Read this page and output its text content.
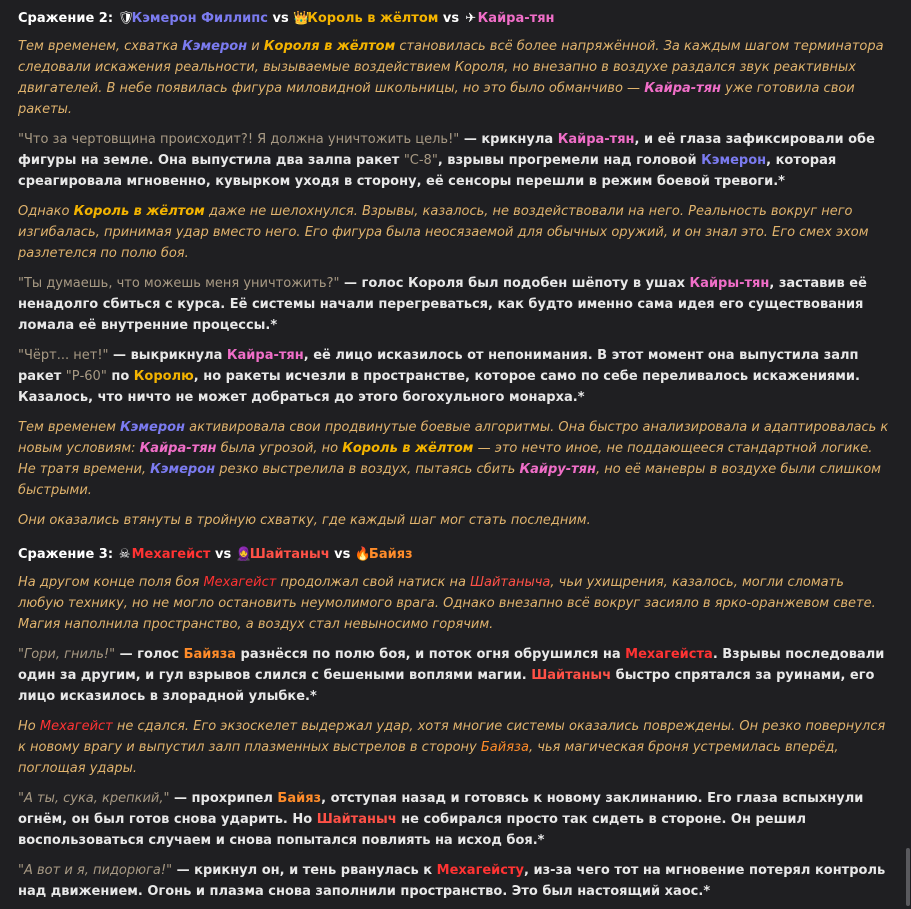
Сражение 2: 🛡Кэмерон Филлипс vs 👑Король в жёлтом vs ✈Кайра-тян

Тем временем, схватка Кэмерон и Короля в жёлтом становилась всё более напряжённой. За каждым шагом терминатора следовали искажения реальности, вызываемые воздействием Короля, но внезапно в воздухе раздался звук реактивных двигателей. В небе появилась фигура миловидной школьницы, но это было обманчиво — Кайра-тян уже готовила свои ракеты.

"Что за чертовщина происходит?! Я должна уничтожить цель!" — крикнула Кайра-тян, и её глаза зафиксировали обе фигуры на земле. Она выпустила два залпа ракет "С-8", взрывы прогремели над головой Кэмерон, которая среагировала мгновенно, кувырком уходя в сторону, её сенсоры перешли в режим боевой тревоги.*

Однако Король в жёлтом даже не шелохнулся. Взрывы, казалось, не воздействовали на него. Реальность вокруг него изгибалась, принимая удар вместо него. Его фигура была неосязаемой для обычных оружий, и он знал это. Его смех эхом разлетелся по полю боя.

"Ты думаешь, что можешь меня уничтожить?" — голос Короля был подобен шёпоту в ушах Кайры-тян, заставив её ненадолго сбиться с курса. Её системы начали перегреваться, как будто именно сама идея его существования ломала её внутренние процессы.*

"Чёрт... нет!" — выкрикнула Кайра-тян, её лицо исказилось от непонимания. В этот момент она выпустила залп ракет "Р-60" по Королю, но ракеты исчезли в пространстве, которое само по себе переливалось искажениями. Казалось, что ничто не может добраться до этого богохульного монарха.*

Тем временем Кэмерон активировала свои продвинутые боевые алгоритмы. Она быстро анализировала и адаптировалась к новым условиям: Кайра-тян была угрозой, но Король в жёлтом — это нечто иное, не поддающееся стандартной логике. Не тратя времени, Кэмерон резко выстрелила в воздух, пытаясь сбить Кайру-тян, но её маневры в воздухе были слишком быстрыми.

Они оказались втянуты в тройную схватку, где каждый шаг мог стать последним.

Сражение 3: ☠Мехагейст vs 🧕Шайтаныч vs 🔥Байяз

На другом конце поля боя Мехагейст продолжал свой натиск на Шайтаныча, чьи ухищрения, казалось, могли сломать любую технику, но не могло остановить неумолимого врага. Однако внезапно всё вокруг засияло в ярко-оранжевом свете. Магия наполнила пространство, а воздух стал невыносимо горячим.

"Гори, гниль!" — голос Байяза разнёсся по полю боя, и поток огня обрушился на Мехагейста. Взрывы последовали один за другим, и гул взрывов слился с бешеными воплями магии. Шайтаныч быстро спрятался за руинами, его лицо исказилось в злорадной улыбке.*

Но Мехагейст не сдался. Его экзоскелет выдержал удар, хотя многие системы оказались повреждены. Он резко повернулся к новому врагу и выпустил залп плазменных выстрелов в сторону Байяза, чья магическая броня устремилась вперёд, поглощая удары.

"А ты, сука, крепкий," — прохрипел Байяз, отступая назад и готовясь к новому заклинанию. Его глаза вспыхнули огнём, он был готов снова ударить. Но Шайтаныч не собирался просто так сидеть в стороне. Он решил воспользоваться случаем и снова попытался повлиять на исход боя.*

"А вот и я, пидорюга!" — крикнул он, и тень рванулась к Мехагейсту, из-за чего тот на мгновение потерял контроль над движением. Огонь и плазма снова заполнили пространство. Это был настоящий хаос.*
